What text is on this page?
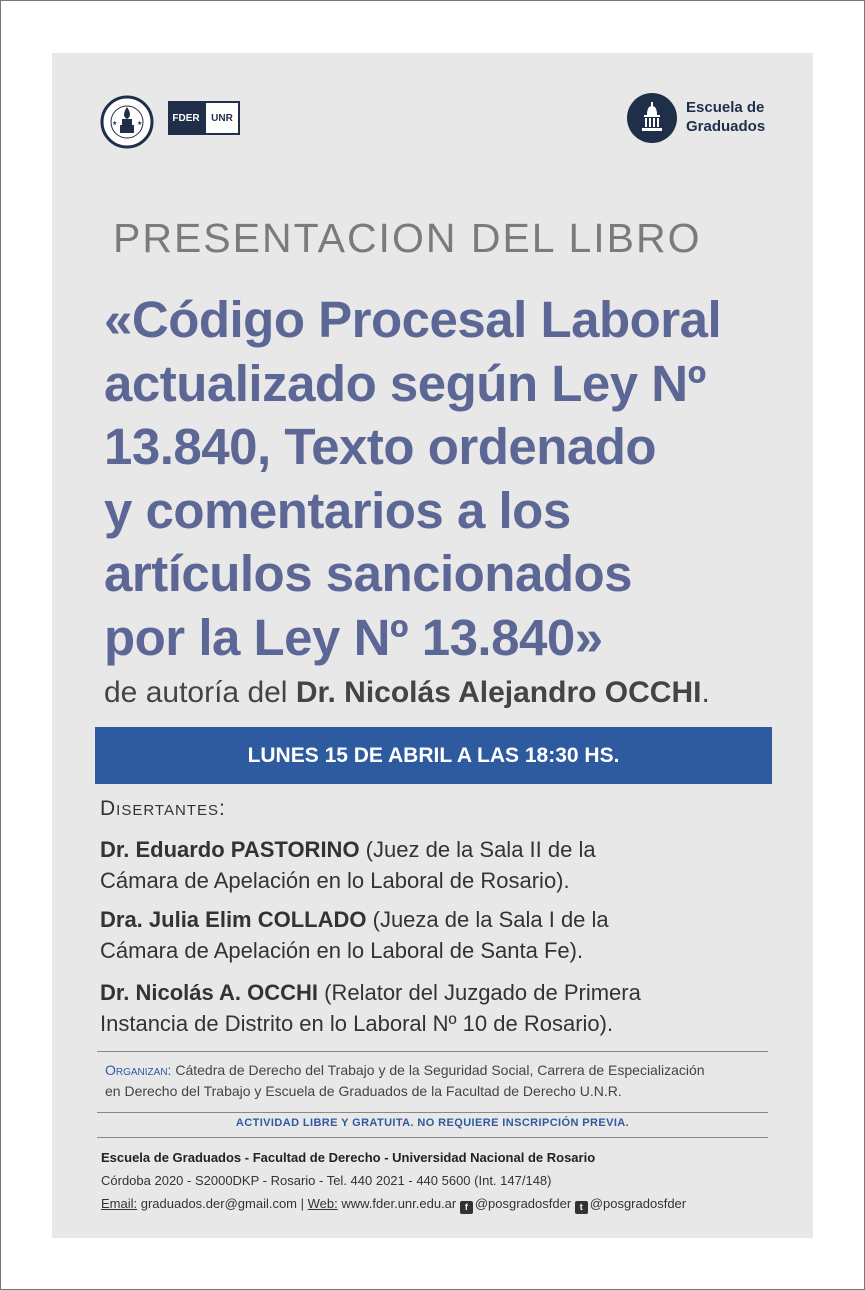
★	★
FDER	UNR
Escuela de
Graduados
PRESENTACION DEL LIBRO
«Código Procesal Laboral
actualizado según Ley Nº
13.840, Texto ordenado
y comentarios a los
artículos sancionados
por la Ley Nº 13.840»
de autoría del Dr. Nicolás Alejandro OCCHI.
LUNES 15 DE ABRIL A LAS 18:30 HS.
Disertantes:
Dr. Eduardo PASTORINO (Juez de la Sala II de la
Cámara de Apelación en lo Laboral de Rosario).
Dra. Julia Elim COLLADO (Jueza de la Sala I de la
Cámara de Apelación en lo Laboral de Santa Fe).
Dr. Nicolás A. OCCHI (Relator del Juzgado de Primera
Instancia de Distrito en lo Laboral Nº 10 de Rosario).
Organizan: Cátedra de Derecho del Trabajo y de la Seguridad Social, Carrera de Especialización
en Derecho del Trabajo y Escuela de Graduados de la Facultad de Derecho U.N.R.
ACTIVIDAD LIBRE Y GRATUITA. NO REQUIERE INSCRIPCIÓN PREVIA.
Escuela de Graduados - Facultad de Derecho - Universidad Nacional de Rosario
Córdoba 2020 - S2000DKP - Rosario - Tel. 440 2021 - 440 5600 (Int. 147/148)
Email: graduados.der@gmail.com | Web: www.fder.unr.edu.ar f @posgradosfder t @posgradosfder
